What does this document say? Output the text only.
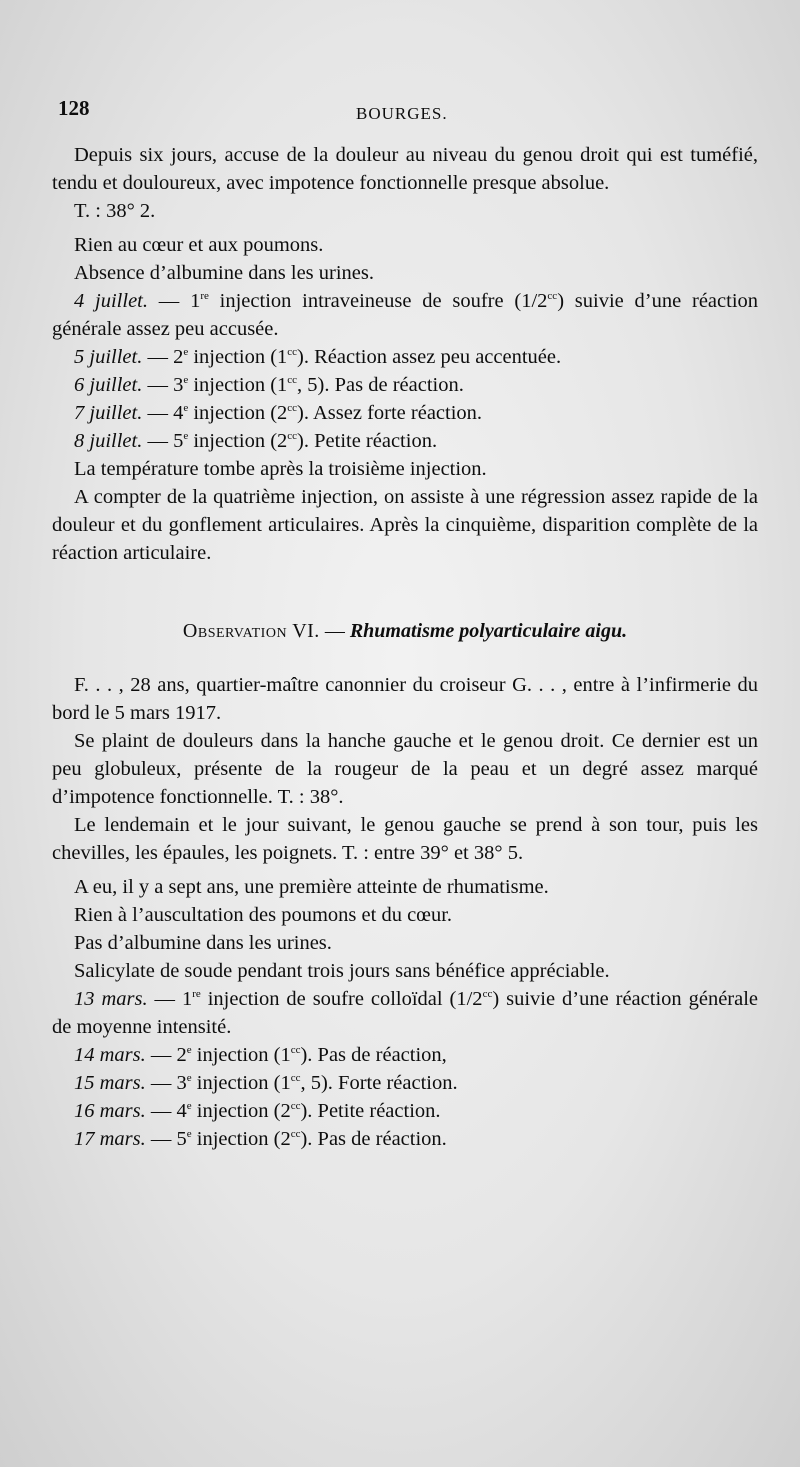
128	BOURGES.

Depuis six jours, accuse de la douleur au niveau du genou droit qui est tuméfié, tendu et douloureux, avec impotence fonctionnelle presque absolue.

T. : 38° 2.

Rien au cœur et aux poumons.

Absence d’albumine dans les urines.

4 juillet. — 1re injection intraveineuse de soufre $(1/2^{cc})$ suivie d’une réaction générale assez peu accusée.

5 juillet. — 2e injection $(1^{cc})$. Réaction assez peu accentuée.

6 juillet. — 3e injection ($1^{cc}$, 5). Pas de réaction.

7 juillet. — 4e injection $(2^{cc})$. Assez forte réaction.

8 juillet. — 5e injection $(2^{cc})$. Petite réaction.

La température tombe après la troisième injection.

A compter de la quatrième injection, on assiste à une régression assez rapide de la douleur et du gonflement articulaires. Après la cinquième, disparition complète de la réaction articulaire.

Observation VI. — Rhumatisme polyarticulaire aigu.

F. . . , 28 ans, quartier-maître canonnier du croiseur G. . . , entre à l’infirmerie du bord le 5 mars 1917.

Se plaint de douleurs dans la hanche gauche et le genou droit. Ce dernier est un peu globuleux, présente de la rougeur de la peau et un degré assez marqué d’impotence fonctionnelle. T. : 38°.

Le lendemain et le jour suivant, le genou gauche se prend à son tour, puis les chevilles, les épaules, les poignets. T. : entre 39° et 38° 5.

A eu, il y a sept ans, une première atteinte de rhumatisme.

Rien à l’auscultation des poumons et du cœur.

Pas d’albumine dans les urines.

Salicylate de soude pendant trois jours sans bénéfice appréciable.

13 mars. — 1re injection de soufre colloïdal $(1/2^{cc})$ suivie d’une réaction générale de moyenne intensité.

14 mars. — 2e injection $(1^{cc})$. Pas de réaction,

15 mars. — 3e injection ($1^{cc}$, 5). Forte réaction.

16 mars. — 4e injection $(2^{cc})$. Petite réaction.

17 mars. — 5e injection $(2^{cc})$. Pas de réaction.
